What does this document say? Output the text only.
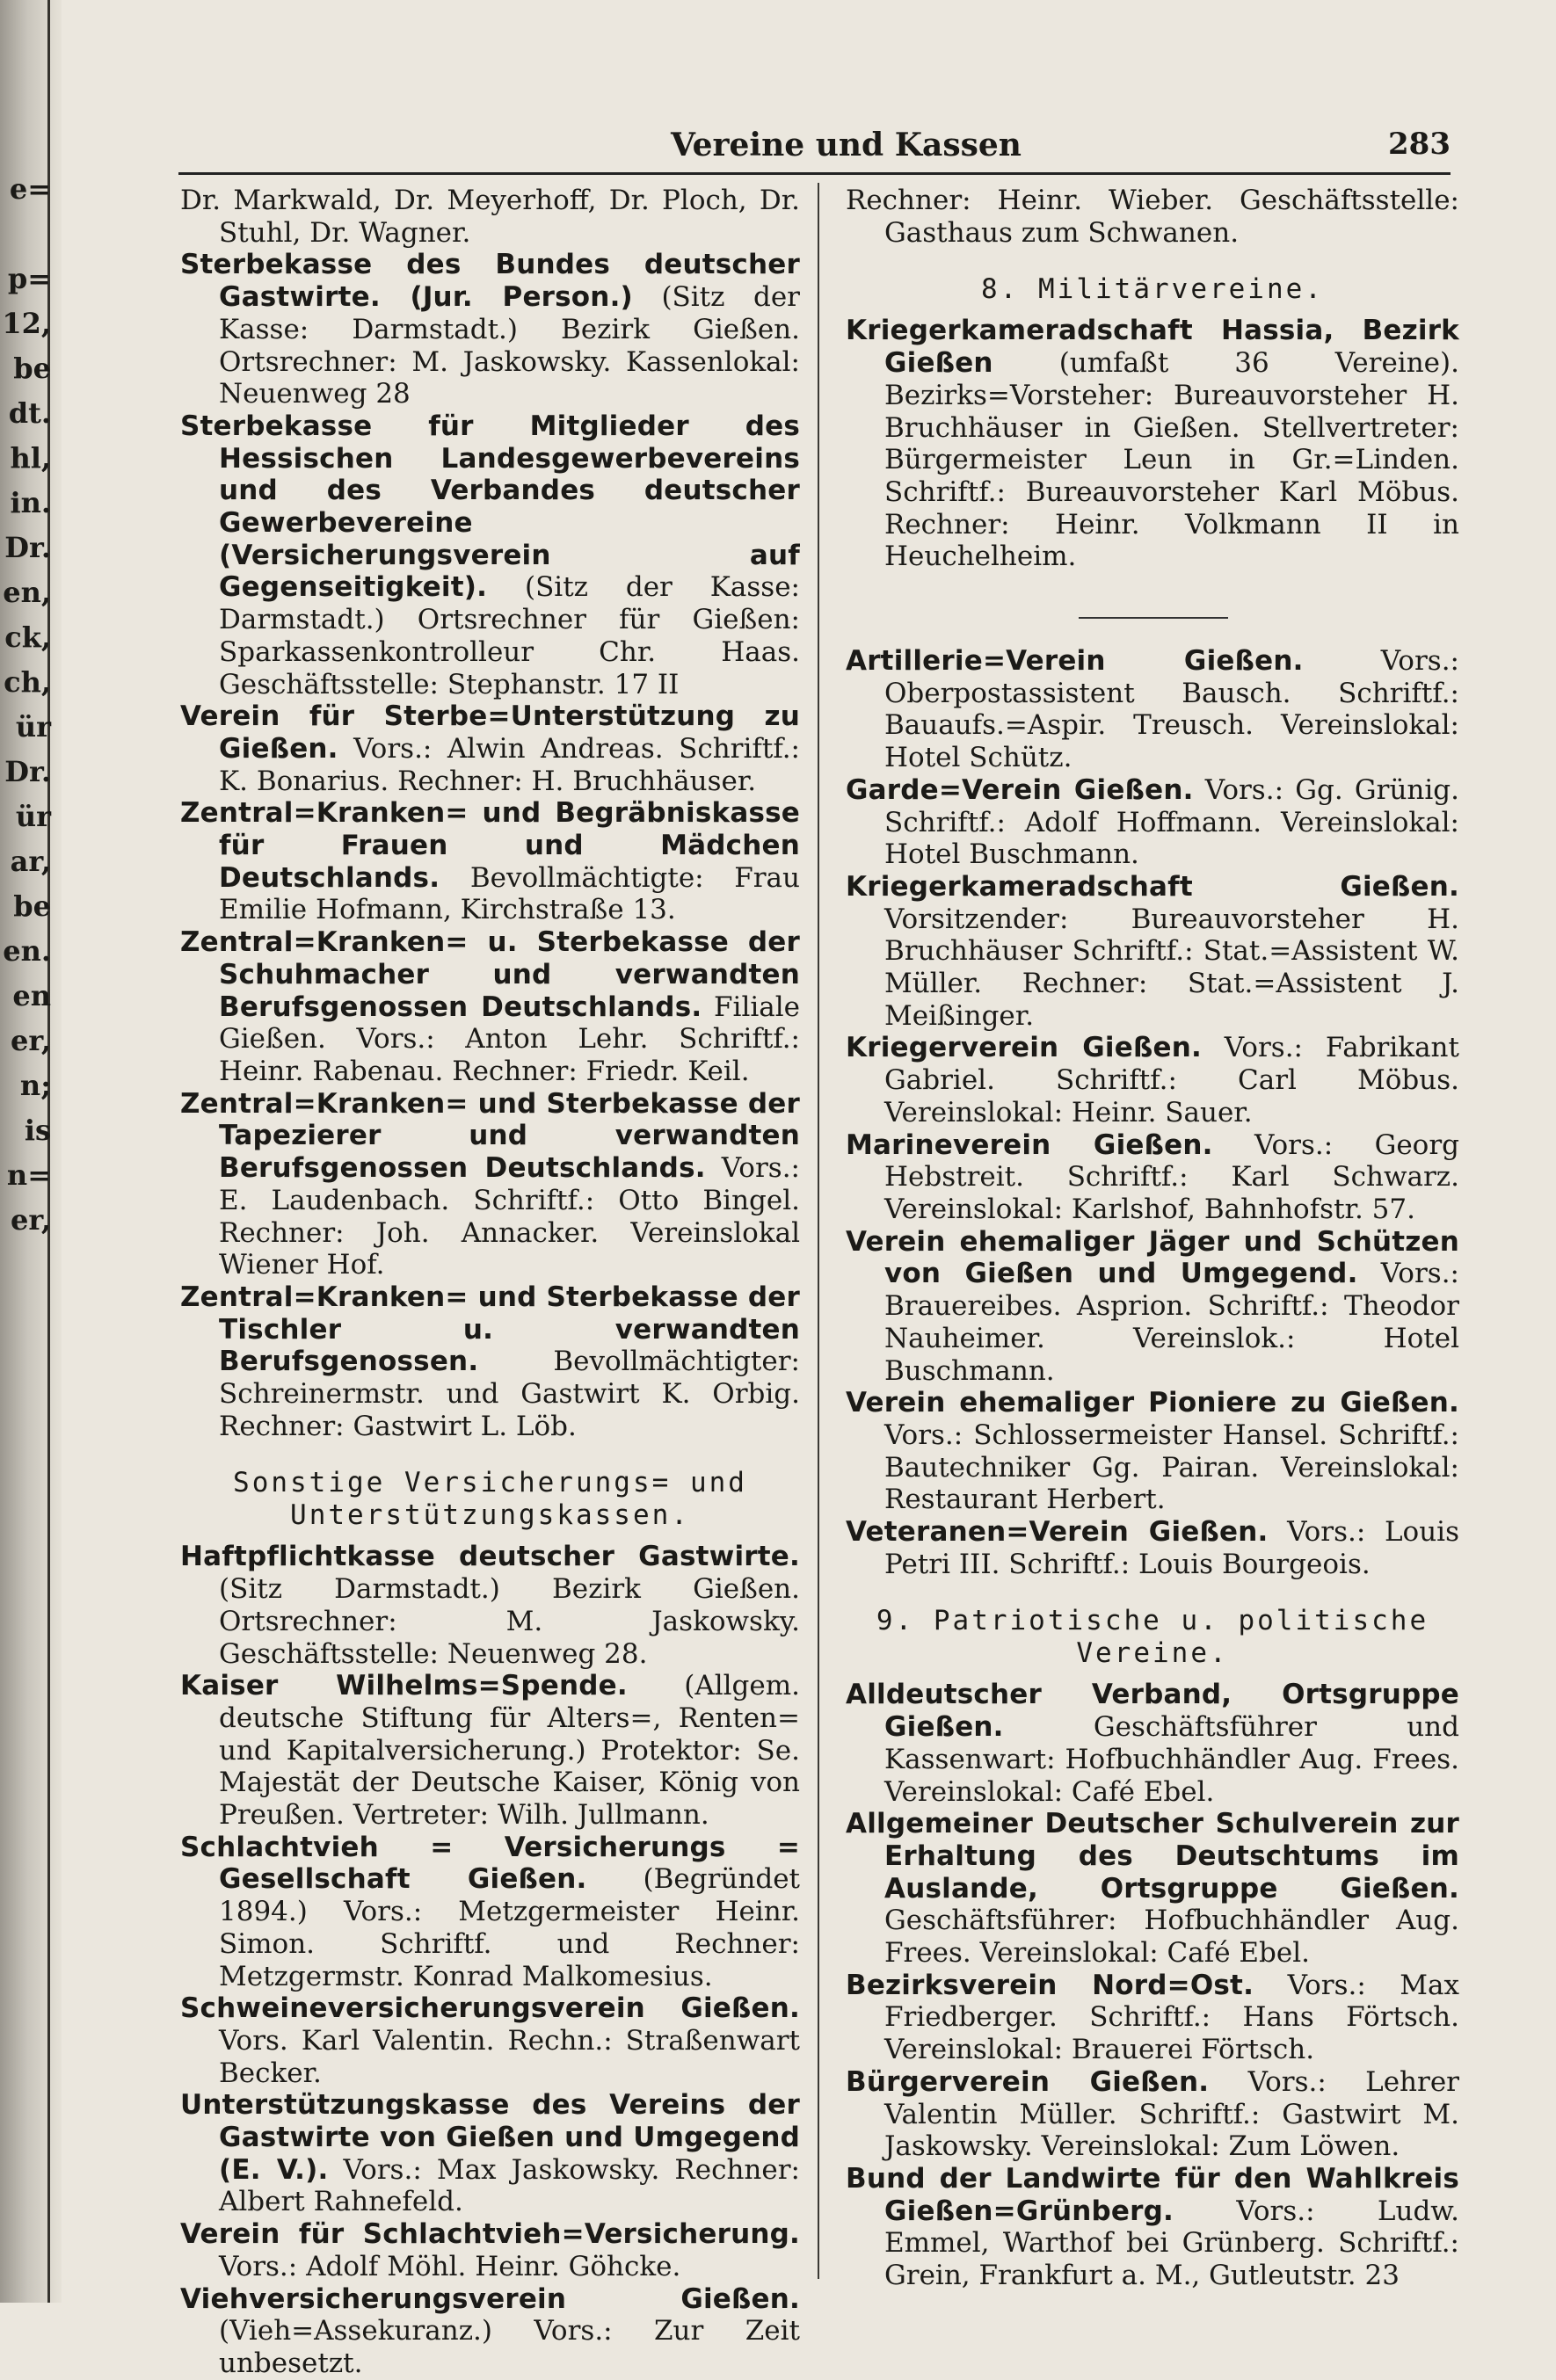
e=
p=
12,
be
dt.
hl,
in.
Dr.
en,
ck,
ch,
ür
Dr.
ür
ar,
be
en.
en
er,
n;
is
n=
er,
Vereine und Kassen	283

Dr. Markwald, Dr. Meyerhoff, Dr. Ploch, Dr. Stuhl, Dr. Wagner.

Sterbekasse des Bundes deutscher Gastwirte. (Jur. Person.) (Sitz der Kasse: Darmstadt.) Bezirk Gießen. Ortsrechner: M. Jaskowsky. Kassenlokal: Neuenweg 28

Sterbekasse für Mitglieder des Hessischen Landesgewerbevereins und des Verbandes deutscher Gewerbevereine (Versicherungsverein auf Gegenseitigkeit). (Sitz der Kasse: Darmstadt.) Ortsrechner für Gießen: Sparkassenkontrolleur Chr. Haas. Geschäftsstelle: Stephanstr. 17 II

Verein für Sterbe=Unterstützung zu Gießen. Vors.: Alwin Andreas. Schriftf.: K. Bonarius. Rechner: H. Bruchhäuser.

Zentral=Kranken= und Begräbniskasse für Frauen und Mädchen Deutschlands. Bevollmächtigte: Frau Emilie Hofmann, Kirchstraße 13.

Zentral=Kranken= u. Sterbekasse der Schuhmacher und verwandten Berufsgenossen Deutschlands. Filiale Gießen. Vors.: Anton Lehr. Schriftf.: Heinr. Rabenau. Rechner: Friedr. Keil.

Zentral=Kranken= und Sterbekasse der Tapezierer und verwandten Berufsgenossen Deutschlands. Vors.: E. Laudenbach. Schriftf.: Otto Bingel. Rechner: Joh. Annacker. Vereinslokal Wiener Hof.

Zentral=Kranken= und Sterbekasse der Tischler u. verwandten Berufsgenossen.	Bevollmächtigter: Schreinermstr. und Gastwirt K. Orbig. Rechner: Gastwirt L. Löb.

Sonstige Versicherungs= und Unterstützungskassen.

Haftpflichtkasse deutscher Gastwirte. (Sitz Darmstadt.) Bezirk Gießen. Ortsrechner: M. Jaskowsky. Geschäftsstelle: Neuenweg 28.

Kaiser Wilhelms=Spende. (Allgem. deutsche Stiftung für Alters=, Renten= und Kapitalversicherung.) Protektor: Se. Majestät der Deutsche Kaiser, König von Preußen. Vertreter: Wilh. Jullmann.

Schlachtvieh = Versicherungs = Gesellschaft Gießen. (Begründet 1894.) Vors.: Metzgermeister Heinr. Simon. Schriftf. und Rechner: Metzgermstr. Konrad Malkomesius.

Schweineversicherungsverein Gießen. Vors. Karl Valentin. Rechn.: Straßenwart Becker.

Unterstützungskasse des Vereins der Gastwirte von Gießen und Umgegend (E. V.). Vors.: Max Jaskowsky. Rechner: Albert Rahnefeld.

Verein für Schlachtvieh=Versicherung. Vors.: Adolf Möhl. Heinr. Göhcke.

Viehversicherungsverein Gießen. (Vieh=Assekuranz.) Vors.: Zur Zeit unbesetzt.

Rechner: Heinr. Wieber. Geschäftsstelle: Gasthaus zum Schwanen.

8. Militärvereine.

Kriegerkameradschaft Hassia, Bezirk Gießen (umfaßt 36 Vereine). Bezirks=Vorsteher: Bureauvorsteher H. Bruchhäuser in Gießen. Stellvertreter: Bürgermeister Leun in Gr.=Linden. Schriftf.: Bureauvorsteher Karl Möbus. Rechner: Heinr. Volkmann II in Heuchelheim.

Artillerie=Verein Gießen.	Vors.: Oberpostassistent Bausch. Schriftf.: Bauaufs.=Aspir. Treusch. Vereinslokal: Hotel Schütz.

Garde=Verein Gießen. Vors.: Gg. Grünig. Schriftf.: Adolf Hoffmann. Vereinslokal: Hotel Buschmann.

Kriegerkameradschaft Gießen. Vorsitzender: Bureauvorsteher H. Bruchhäuser Schriftf.: Stat.=Assistent W. Müller. Rechner: Stat.=Assistent J. Meißinger.

Kriegerverein Gießen. Vors.: Fabrikant Gabriel. Schriftf.: Carl Möbus. Vereinslokal: Heinr. Sauer.

Marineverein Gießen. Vors.: Georg Hebstreit. Schriftf.: Karl Schwarz. Vereinslokal: Karlshof, Bahnhofstr. 57.

Verein ehemaliger Jäger und Schützen von Gießen und Umgegend. Vors.: Brauereibes. Asprion. Schriftf.: Theodor Nauheimer. Vereinslok.: Hotel Buschmann.

Verein ehemaliger Pioniere zu Gießen. Vors.: Schlossermeister Hansel. Schriftf.: Bautechniker Gg. Pairan. Vereinslokal: Restaurant Herbert.

Veteranen=Verein Gießen. Vors.: Louis Petri III. Schriftf.: Louis Bourgeois.

9. Patriotische u. politische Vereine.

Alldeutscher Verband, Ortsgruppe Gießen.	Geschäftsführer und Kassenwart: Hofbuchhändler Aug. Frees. Vereinslokal: Café Ebel.

Allgemeiner Deutscher Schulverein zur Erhaltung des Deutschtums im Auslande, Ortsgruppe Gießen. Geschäftsführer: Hofbuchhändler Aug. Frees. Vereinslokal: Café Ebel.

Bezirksverein Nord=Ost. Vors.: Max Friedberger. Schriftf.: Hans Förtsch. Vereinslokal: Brauerei Förtsch.

Bürgerverein Gießen. Vors.: Lehrer Valentin Müller. Schriftf.: Gastwirt M. Jaskowsky. Vereinslokal: Zum Löwen.

Bund der Landwirte für den Wahlkreis Gießen=Grünberg. Vors.: Ludw. Emmel, Warthof bei Grünberg. Schriftf.: Grein, Frankfurt a. M., Gutleutstr. 23
